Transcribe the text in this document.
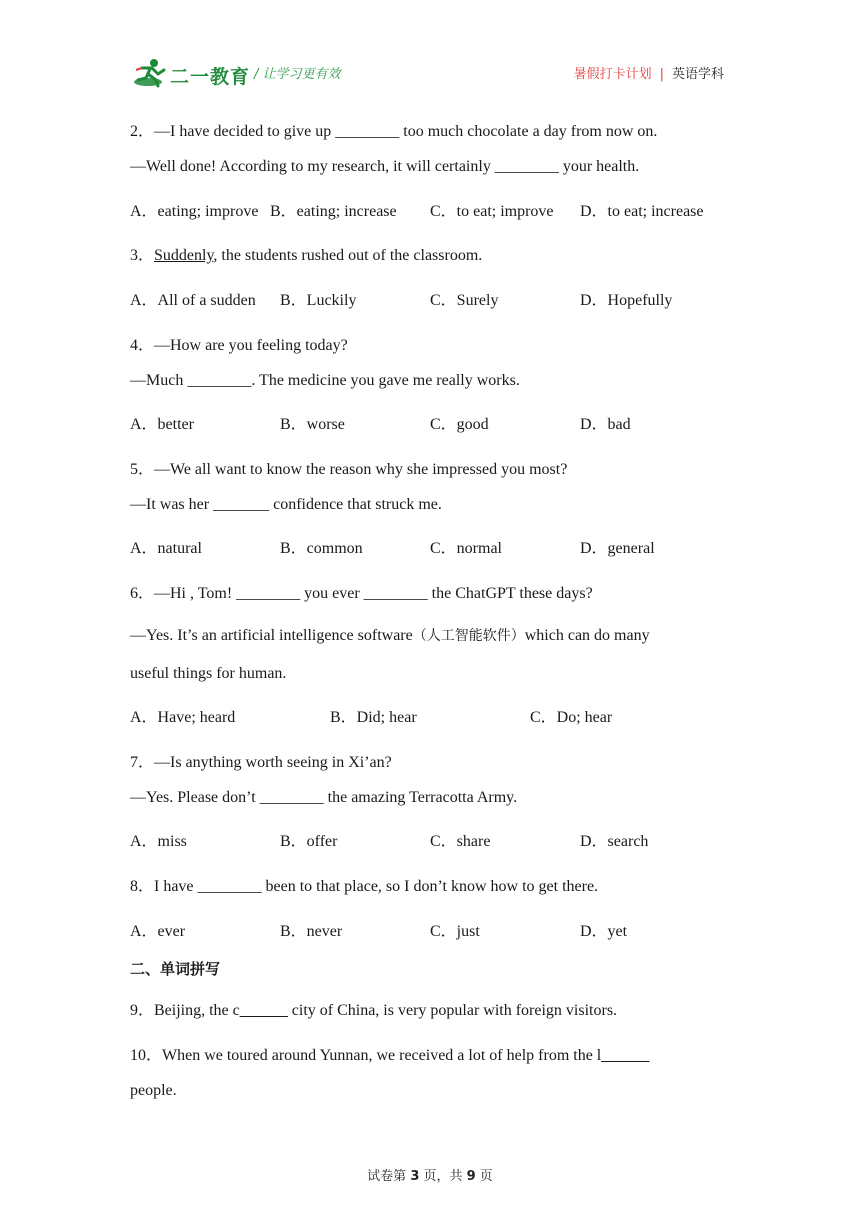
二一教育 / 让学习更有效	暑假打卡计划 | 英语学科
2．—I have decided to give up ________ too much chocolate a day from now on.
—Well done! According to my research, it will certainly ________ your health.
A．eating; improve B．eating; increase C．to eat; improve D．to eat; increase
3．Suddenly, the students rushed out of the classroom.
A．All of a sudden B．Luckily	C．Surely	D．Hopefully
4．—How are you feeling today?
—Much ________. The medicine you gave me really works.
A．better	B．worse	C．good	D．bad
5．—We all want to know the reason why she impressed you most?
—It was her _______ confidence that struck me.
A．natural	B．common	C．normal	D．general
6．—Hi , Tom! ________ you ever ________ the ChatGPT these days?
—Yes. It’s an artificial intelligence software（人工智能软件）which can do many
useful things for human.
A．Have; heard	B．Did; hear	C．Do; hear
7．—Is anything worth seeing in Xi’an?
—Yes. Please don’t ________ the amazing Terracotta Army.
A．miss	B．offer	C．share	D．search
8．I have ________ been to that place, so I don’t know how to get there.
A．ever	B．never	C．just	D．yet
二、单词拼写
9．Beijing, the c______ city of China, is very popular with foreign visitors.
10．When we toured around Yunnan, we received a lot of help from the l______
people.
试卷第 3 页，共 9 页
